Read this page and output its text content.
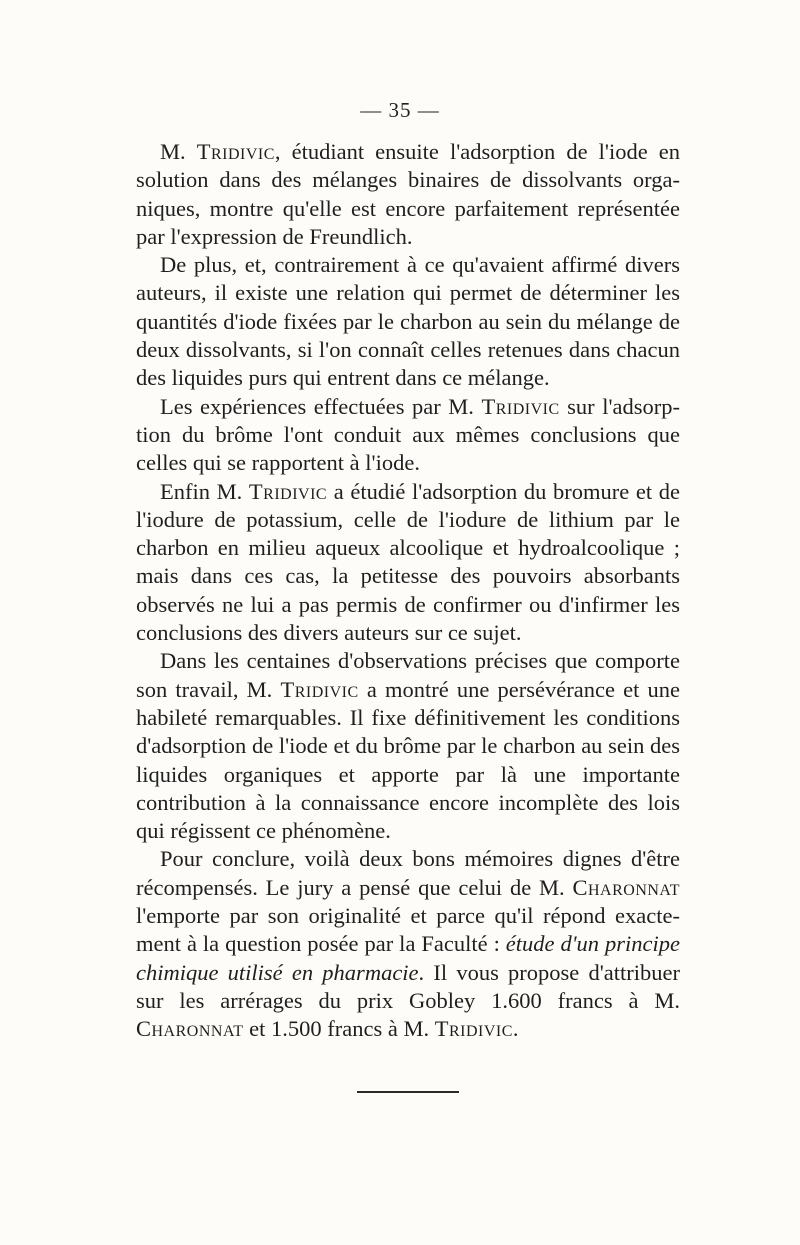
— 35 —

M. Tridivic, étudiant ensuite l'adsorption de l'iode en solution dans des mélanges binaires de dissolvants orga-niques, montre qu'elle est encore parfaitement représentée par l'expression de Freundlich.

De plus, et, contrairement à ce qu'avaient affirmé divers auteurs, il existe une relation qui permet de déterminer les quantités d'iode fixées par le charbon au sein du mélange de deux dissolvants, si l'on connaît celles retenues dans chacun des liquides purs qui entrent dans ce mélange.

Les expériences effectuées par M. Tridivic sur l'adsorp-tion du brôme l'ont conduit aux mêmes conclusions que celles qui se rapportent à l'iode.

Enfin M. Tridivic a étudié l'adsorption du bromure et de l'iodure de potassium, celle de l'iodure de lithium par le charbon en milieu aqueux alcoolique et hydroalcoolique ; mais dans ces cas, la petitesse des pouvoirs absorbants observés ne lui a pas permis de confirmer ou d'infirmer les conclusions des divers auteurs sur ce sujet.

Dans les centaines d'observations précises que comporte son travail, M. Tridivic a montré une persévérance et une habileté remarquables. Il fixe définitivement les conditions d'adsorption de l'iode et du brôme par le charbon au sein des liquides organiques et apporte par là une importante contribution à la connaissance encore incomplète des lois qui régissent ce phénomène.

Pour conclure, voilà deux bons mémoires dignes d'être récompensés. Le jury a pensé que celui de M. Charonnat l'emporte par son originalité et parce qu'il répond exacte-ment à la question posée par la Faculté : étude d'un principe chimique utilisé en pharmacie. Il vous propose d'attribuer sur les arrérages du prix Gobley 1.600 francs à M. Charonnat et 1.500 francs à M. Tridivic.
